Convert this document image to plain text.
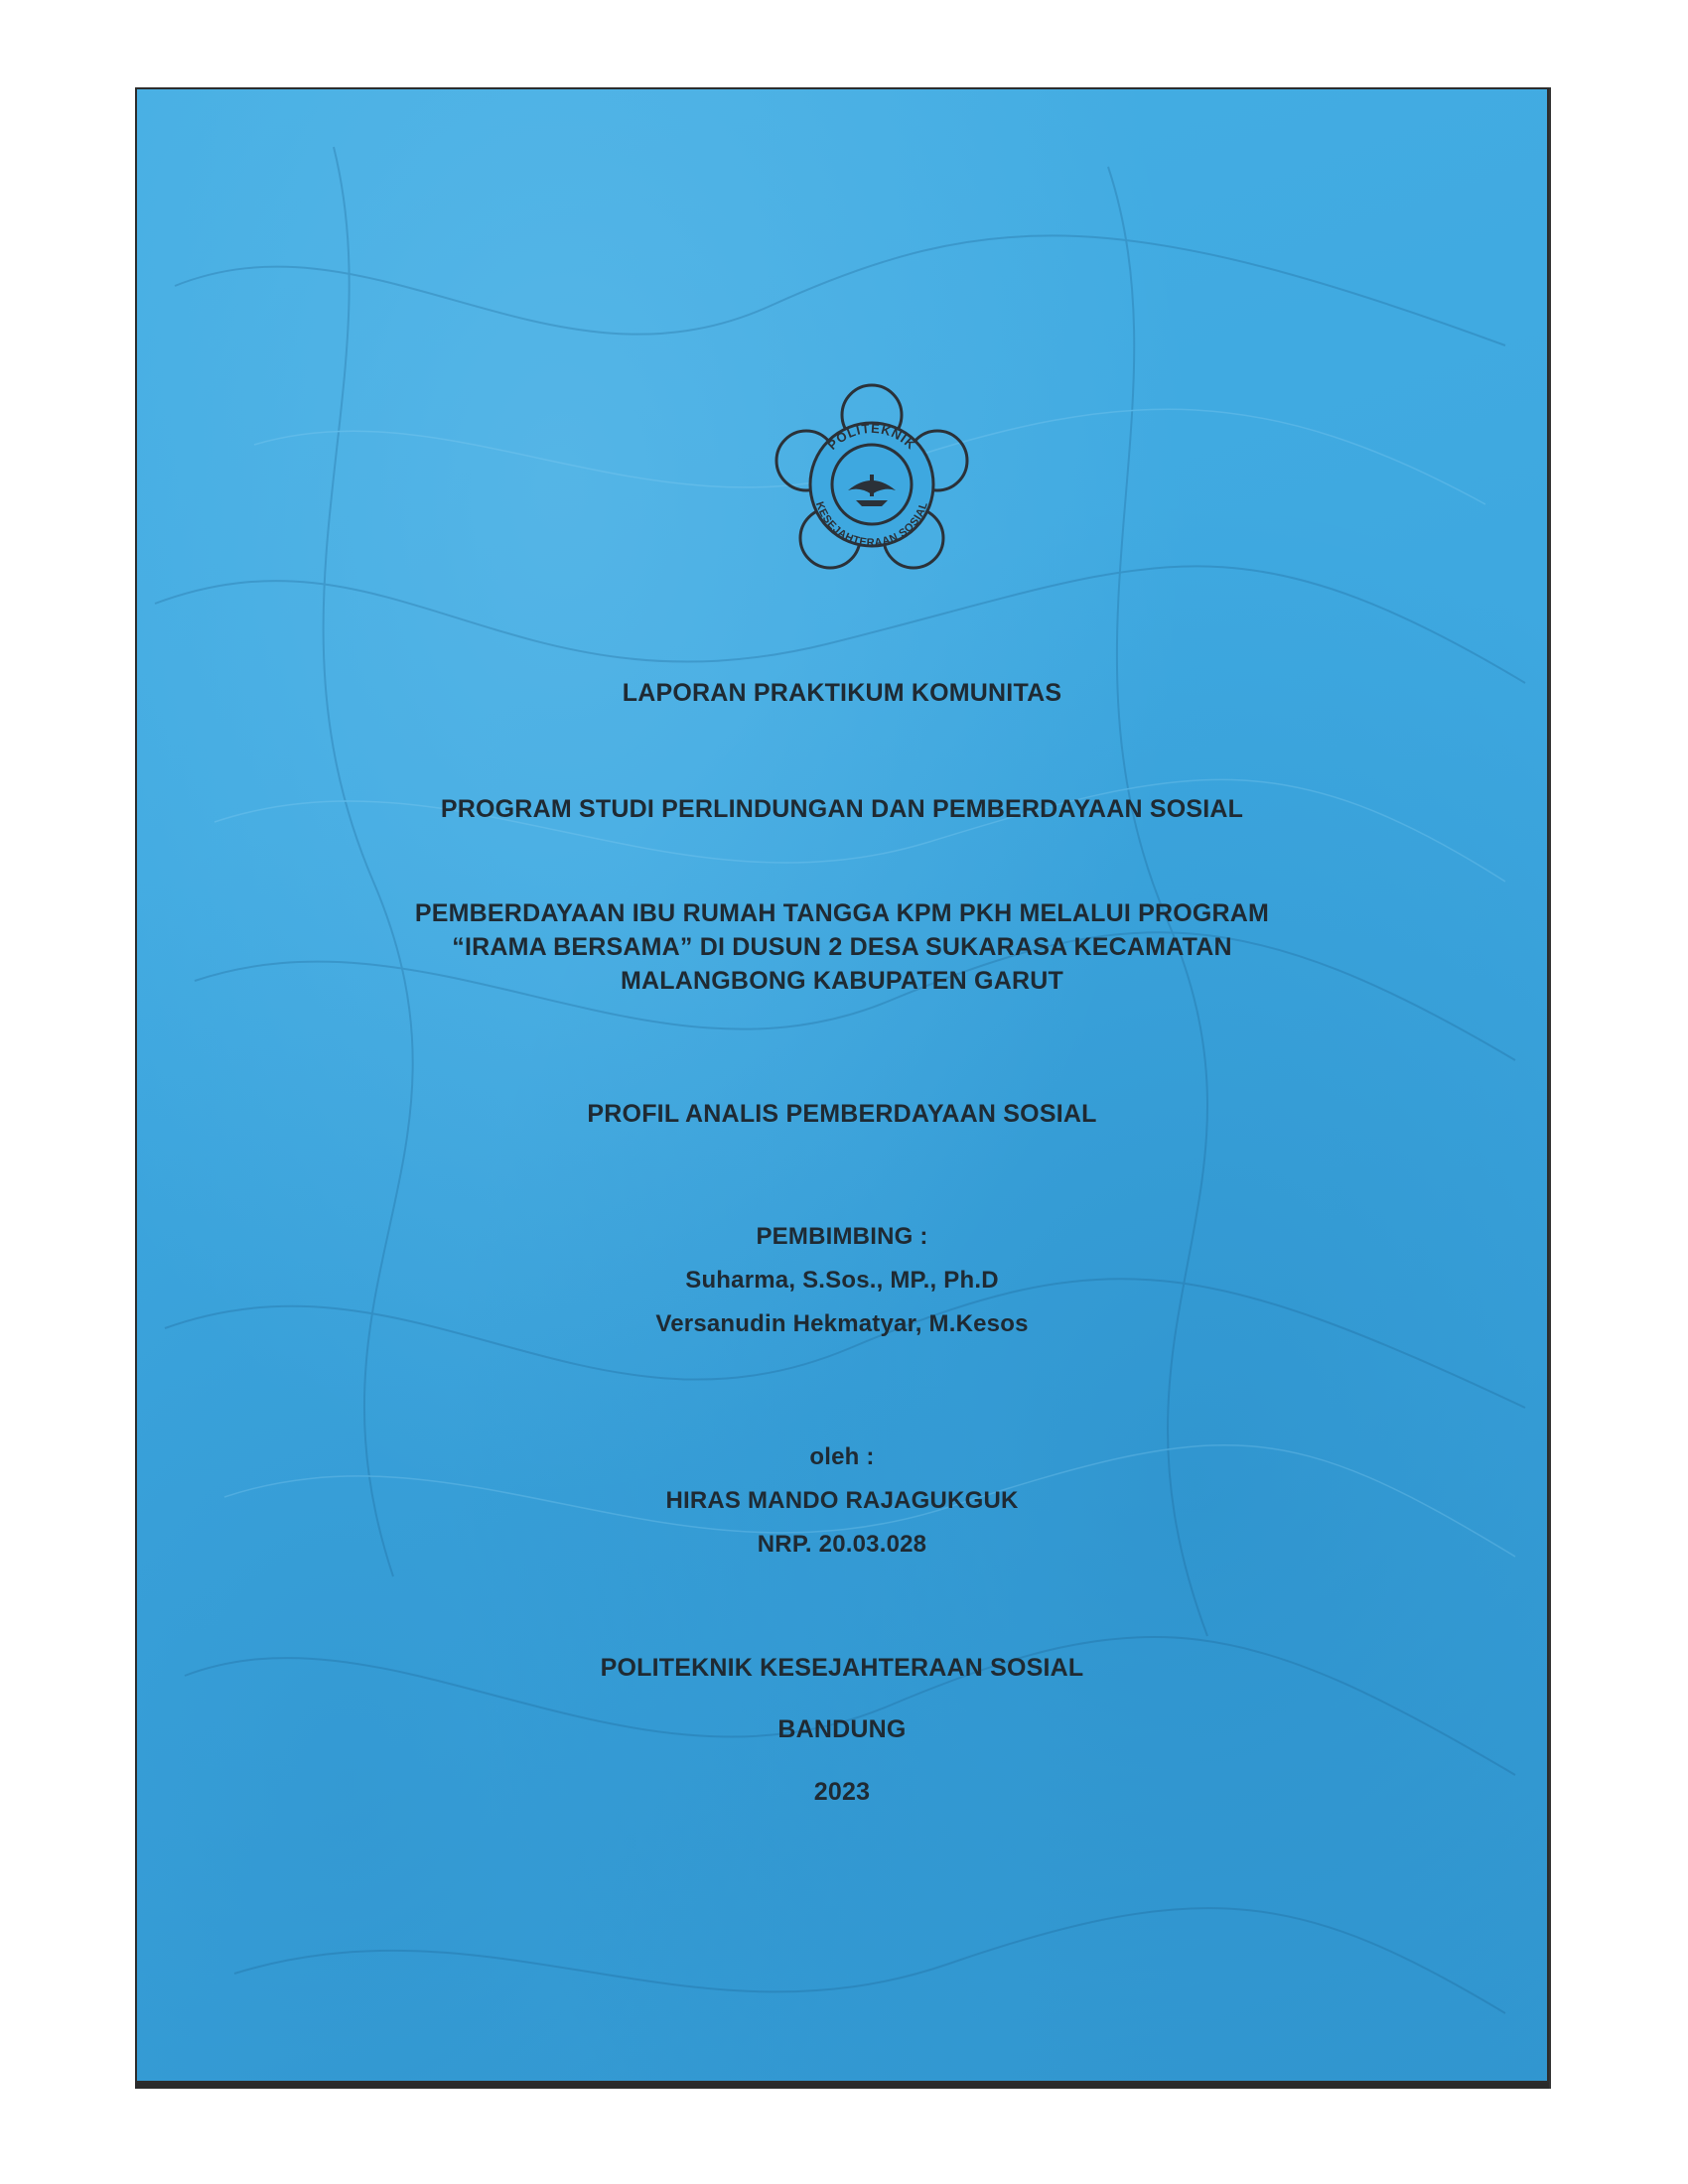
POLITEKNIK
KESEJAHTERAAN SOSIAL
LAPORAN PRAKTIKUM KOMUNITAS
PROGRAM STUDI PERLINDUNGAN DAN PEMBERDAYAAN SOSIAL
PEMBERDAYAAN IBU RUMAH TANGGA KPM PKH MELALUI PROGRAM
“IRAMA BERSAMA” DI DUSUN 2 DESA SUKARASA KECAMATAN
MALANGBONG KABUPATEN GARUT
PROFIL ANALIS PEMBERDAYAAN SOSIAL
PEMBIMBING :
Suharma, S.Sos., MP., Ph.D
Versanudin Hekmatyar, M.Kesos
oleh :
HIRAS MANDO RAJAGUKGUK
NRP. 20.03.028
POLITEKNIK KESEJAHTERAAN SOSIAL
BANDUNG
2023
